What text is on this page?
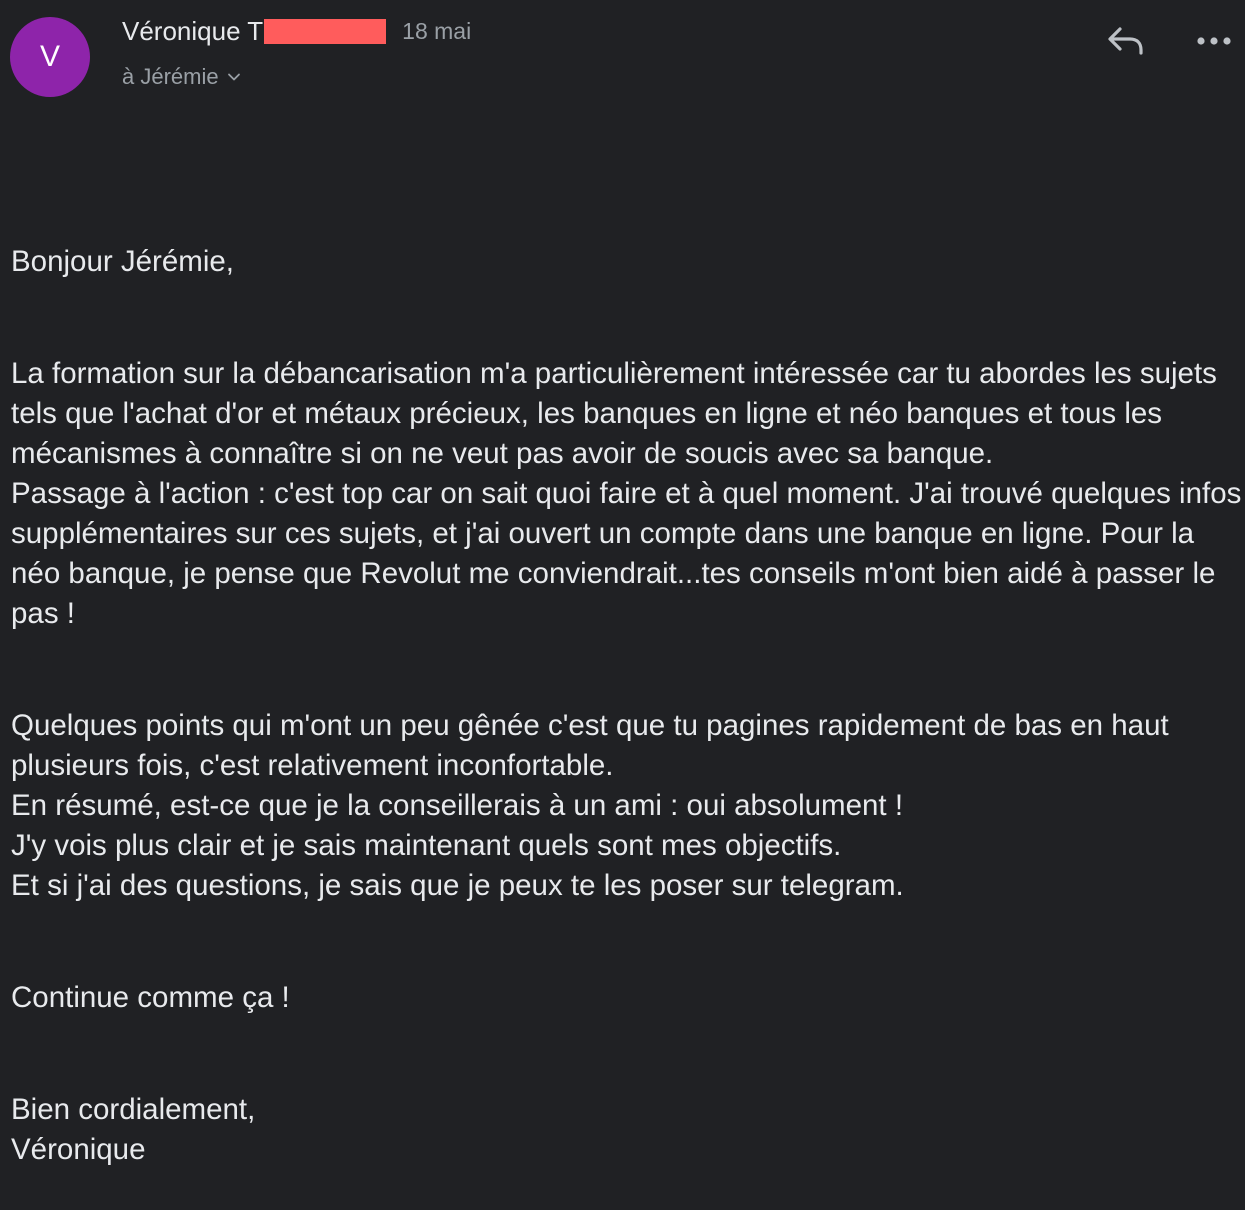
V
Véronique T	18 mai
à Jérémie

Bonjour Jérémie,

La formation sur la débancarisation m'a particulièrement intéressée car tu abordes les sujets tels que l'achat d'or et métaux précieux, les banques en ligne et néo banques et tous les mécanismes à connaître si on ne veut pas avoir de soucis avec sa banque.
Passage à l'action : c'est top car on sait quoi faire et à quel moment. J'ai trouvé quelques infos supplémentaires sur ces sujets, et j'ai ouvert un compte dans une banque en ligne. Pour la néo banque, je pense que Revolut me conviendrait...tes conseils m'ont bien aidé à passer le pas !

Quelques points qui m'ont un peu gênée c'est que tu pagines rapidement de bas en haut plusieurs fois, c'est relativement inconfortable.
En résumé, est-ce que je la conseillerais à un ami : oui absolument !
J'y vois plus clair et je sais maintenant quels sont mes objectifs.
Et si j'ai des questions, je sais que je peux te les poser sur telegram.

Continue comme ça !

Bien cordialement,
Véronique
